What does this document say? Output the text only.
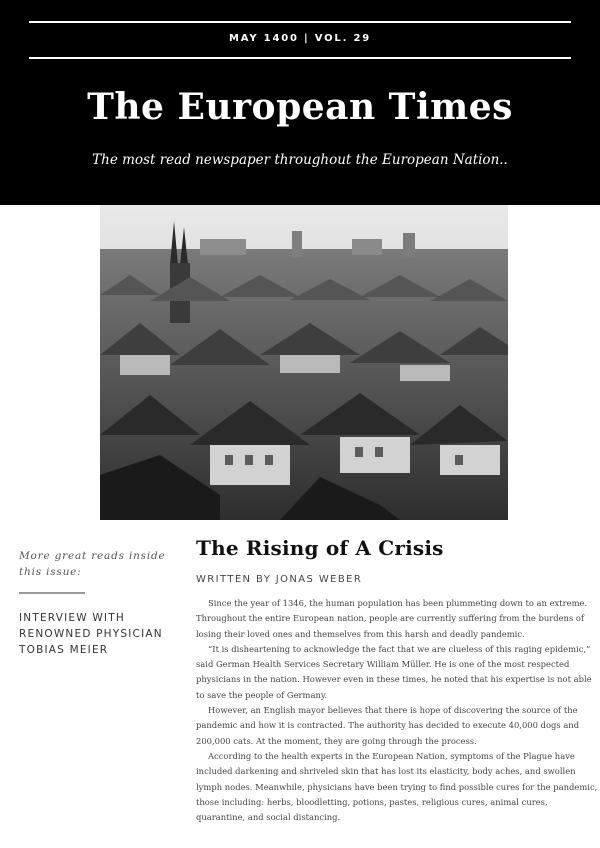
MAY 1400 | VOL. 29
The European Times
The most read newspaper throughout the European Nation..
More great reads inside this issue:
INTERVIEW WITH RENOWNED PHYSICIAN TOBIAS MEIER
The Rising of A Crisis
WRITTEN BY JONAS WEBER

Since the year of 1346, the human population has been plummeting down to an extreme. Throughout the entire European nation, people are currently suffering from the burdens of losing their loved ones and themselves from this harsh and deadly pandemic.

“It is disheartening to acknowledge the fact that we are clueless of this raging epidemic,” said German Health Services Secretary William Müller. He is one of the most respected physicians in the nation. However even in these times, he noted that his expertise is not able to save the people of Germany.

However, an English mayor believes that there is hope of discovering the source of the pandemic and how it is contracted. The authority has decided to execute 40,000 dogs and 200,000 cats. At the moment, they are going through the process.

According to the health experts in the European Nation, symptoms of the Plague have included darkening and shriveled skin that has lost its elasticity, body aches, and swollen lymph nodes. Meanwhile, physicians have been trying to find possible cures for the pandemic, those including: herbs, bloodletting, potions, pastes, religious cures, animal cures, quarantine, and social distancing.
